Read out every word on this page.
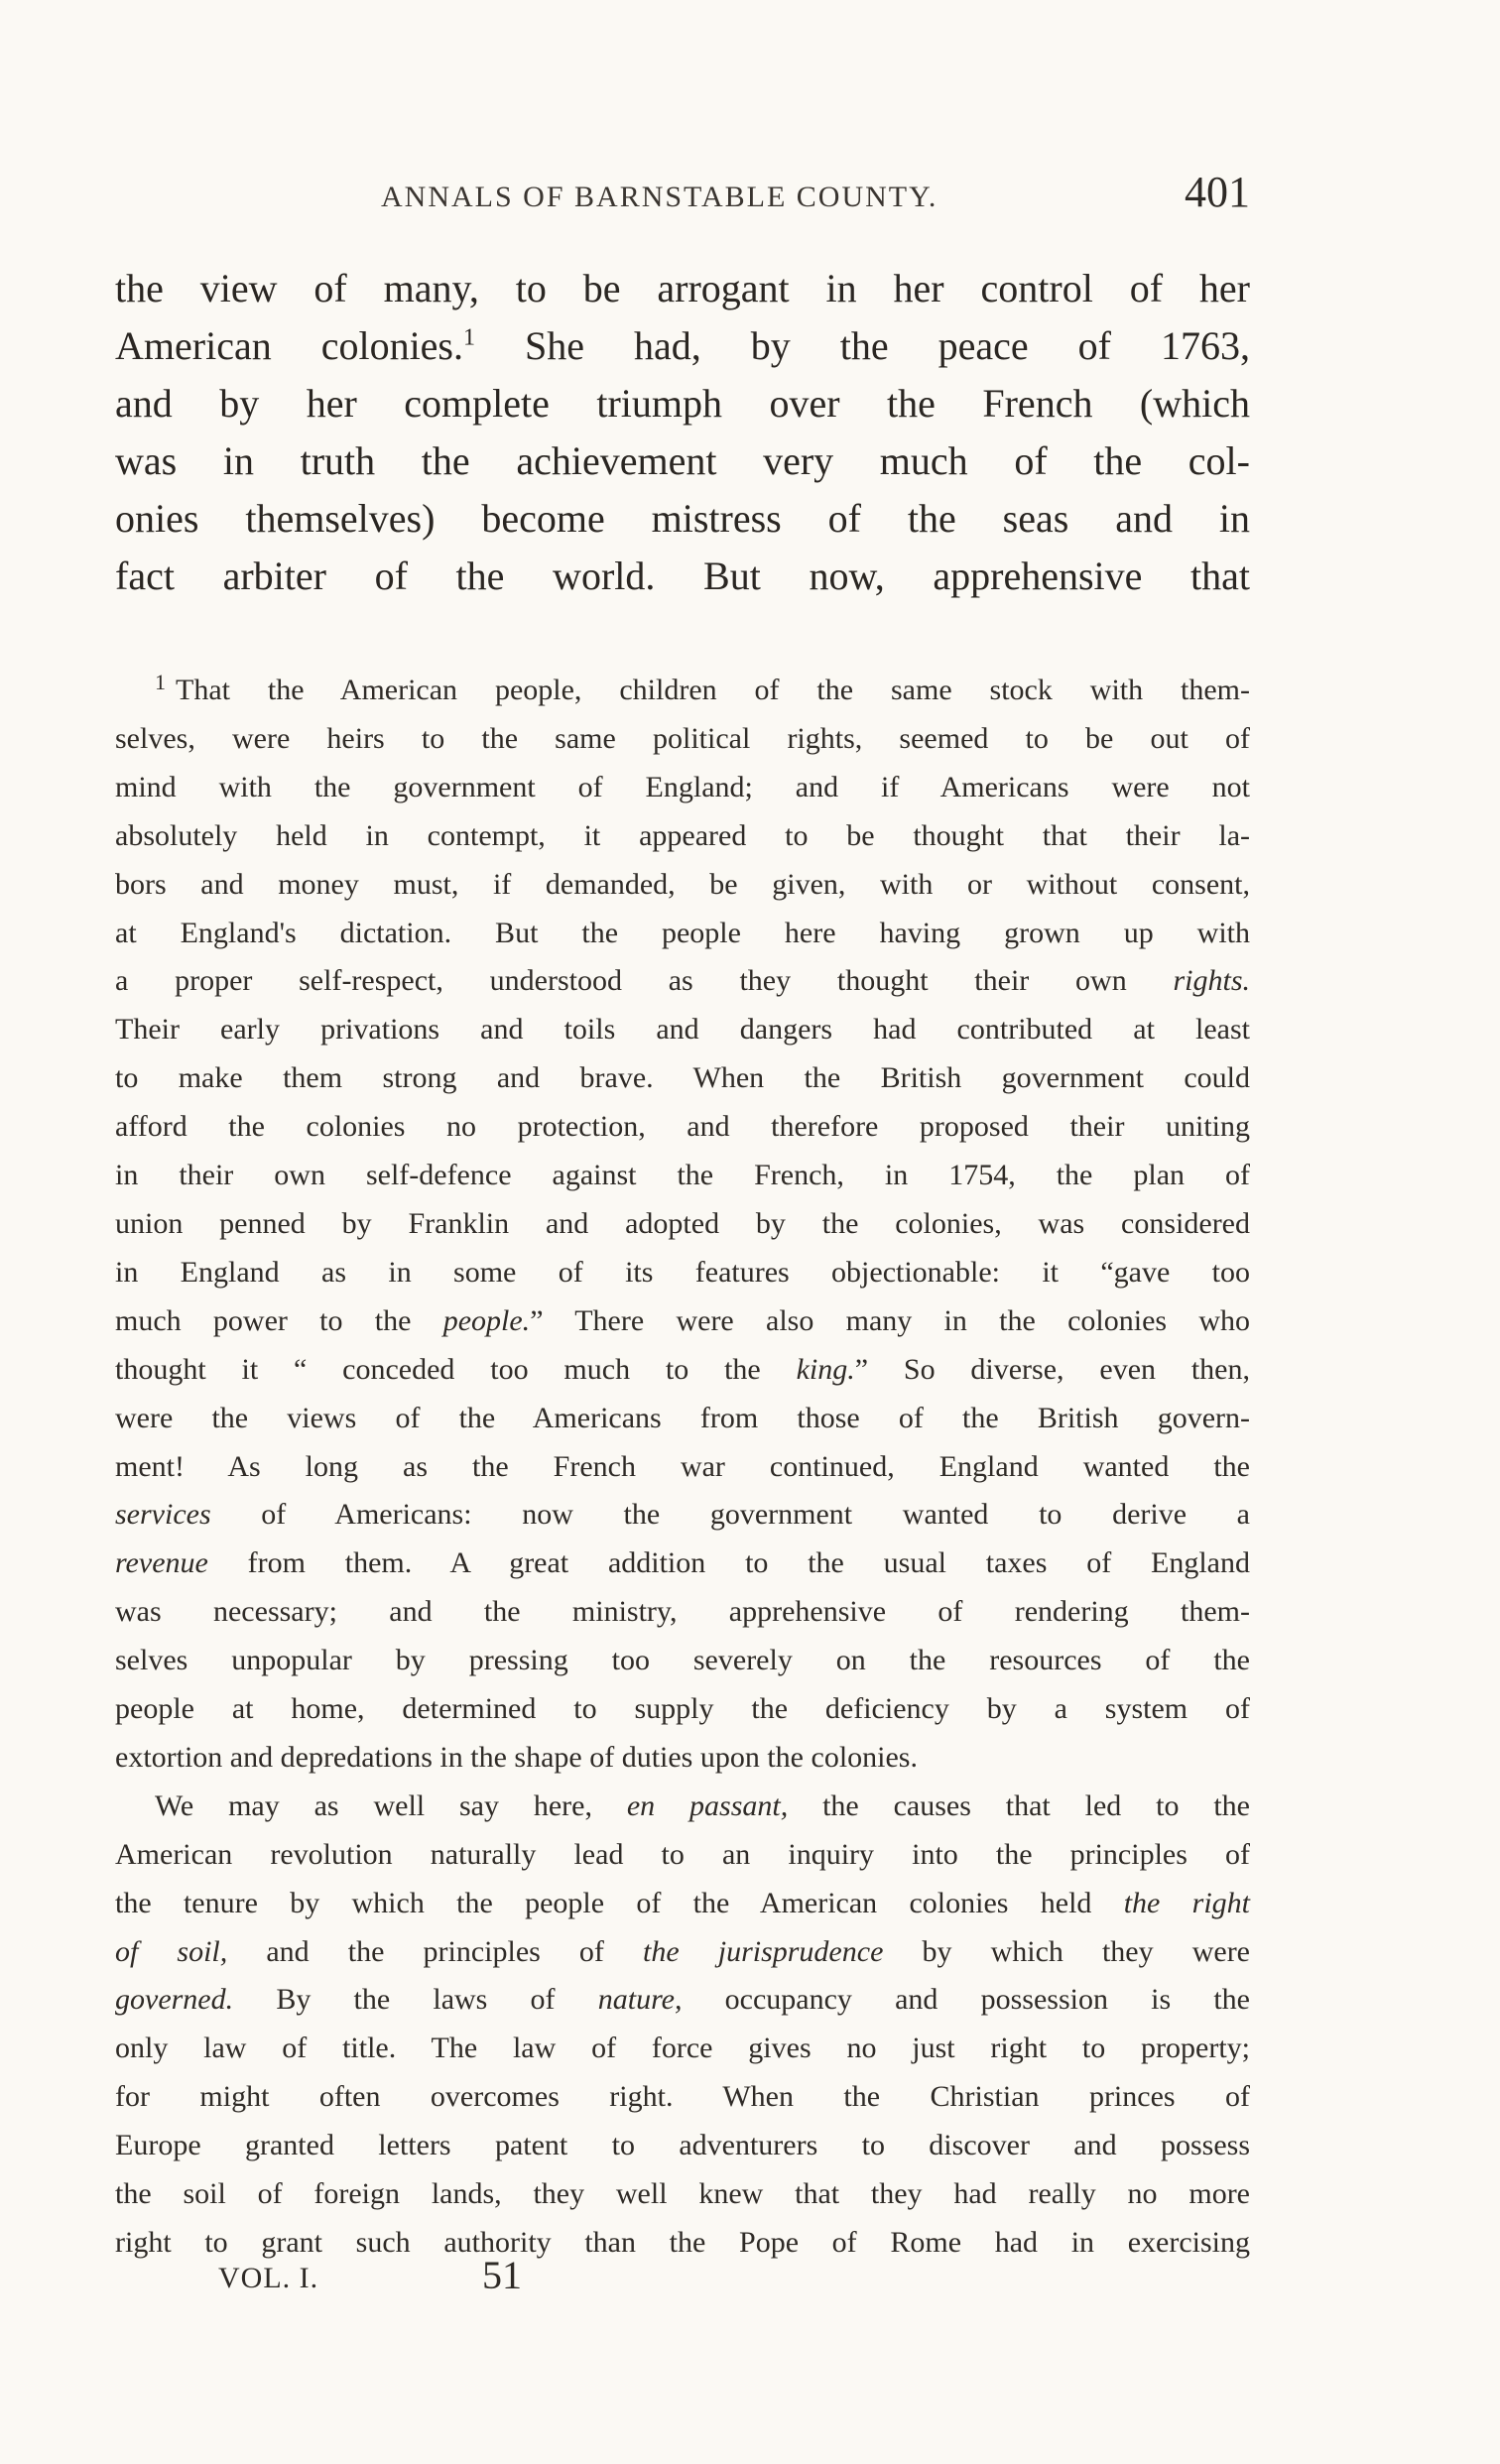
ANNALS OF BARNSTABLE COUNTY.	401
the view of many, to be arrogant in her control of her
American colonies.$^1$ She had, by the peace of 1763,
and by her complete triumph over the French (which
was in truth the achievement very much of the col-
onies themselves) become mistress of the seas and in
fact arbiter of the world. But now, apprehensive that
$^1$ That the American people, children of the same stock with them-
selves, were heirs to the same political rights, seemed to be out of
mind with the government of England; and if Americans were not
absolutely held in contempt, it appeared to be thought that their la-
bors and money must, if demanded, be given, with or without consent,
at England's dictation. But the people here having grown up with
a proper self-respect, understood as they thought their own rights.
Their early privations and toils and dangers had contributed at least
to make them strong and brave. When the British government could
afford the colonies no protection, and therefore proposed their uniting
in their own self-defence against the French, in 1754, the plan of
union penned by Franklin and adopted by the colonies, was considered
in England as in some of its features objectionable: it “gave too
much power to the people.” There were also many in the colonies who
thought it “ conceded too much to the king.” So diverse, even then,
were the views of the Americans from those of the British govern-
ment! As long as the French war continued, England wanted the
services of Americans: now the government wanted to derive a
revenue from them. A great addition to the usual taxes of England
was necessary; and the ministry, apprehensive of rendering them-
selves unpopular by pressing too severely on the resources of the
people at home, determined to supply the deficiency by a system of
extortion and depredations in the shape of duties upon the colonies.
We may as well say here, en passant, the causes that led to the
American revolution naturally lead to an inquiry into the principles of
the tenure by which the people of the American colonies held the right
of soil, and the principles of the jurisprudence by which they were
governed. By the laws of nature, occupancy and possession is the
only law of title. The law of force gives no just right to property;
for might often overcomes right. When the Christian princes of
Europe granted letters patent to adventurers to discover and possess
the soil of foreign lands, they well knew that they had really no more
right to grant such authority than the Pope of Rome had in exercising
VOL. I.	51
